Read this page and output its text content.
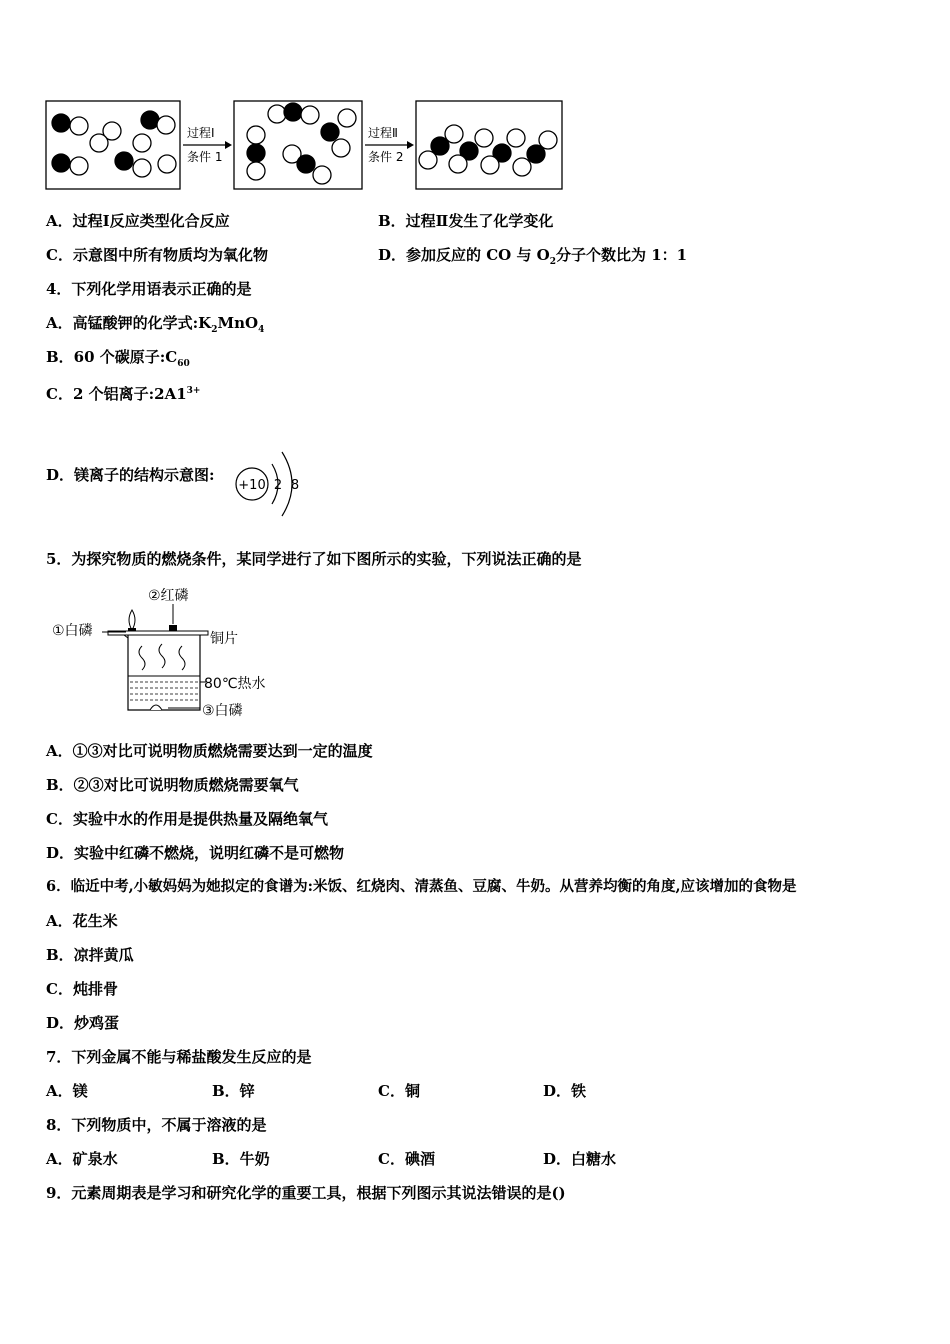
过程Ⅰ
条件 1
过程Ⅱ
条件 2
A．过程Ⅰ反应类型化合反应	B．过程Ⅱ发生了化学变化
C．示意图中所有物质均为氧化物	D．参加反应的 CO 与 $O_2$分子个数比为 1：1
4．下列化学用语表示正确的是
A．高锰酸钾的化学式$:K_2MnO_4$
B．60 个碳原子$:C_{60}$
C．2 个铝离子$:2A1^{3+}$
D．镁离子的结构示意图:
+10 2 8
5．为探究物质的燃烧条件，某同学进行了如下图所示的实验，下列说法正确的是
②红磷
①白磷	铜片
80℃热水
③白磷
A．①③对比可说明物质燃烧需要达到一定的温度
B．②③对比可说明物质燃烧需要氧气
C．实验中水的作用是提供热量及隔绝氧气
D．实验中红磷不燃烧，说明红磷不是可燃物
6．临近中考,小敏妈妈为她拟定的食谱为:米饭、红烧肉、清蒸鱼、豆腐、牛奶。从营养均衡的角度,应该增加的食物是
A．花生米
B．凉拌黄瓜
C．炖排骨
D．炒鸡蛋
7．下列金属不能与稀盐酸发生反应的是
A．镁	B．锌	C．铜	D．铁
8．下列物质中，不属于溶液的是
A．矿泉水	B．牛奶	C．碘酒	D．白糖水
9．元素周期表是学习和研究化学的重要工具，根据下列图示其说法错误的是()
